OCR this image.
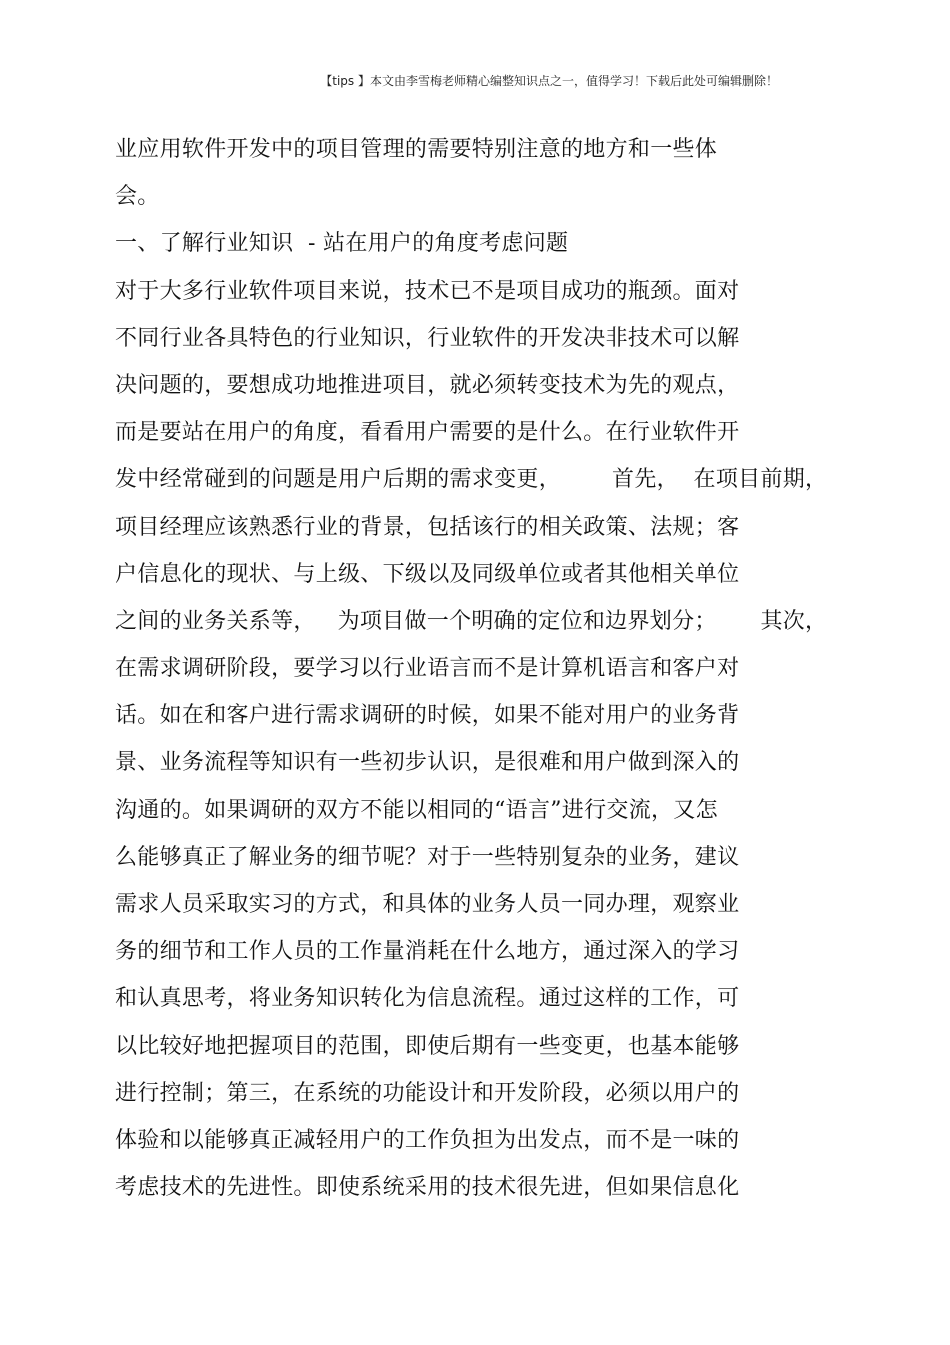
【tips 】本文由李雪梅老师精心编整知识点之一，值得学习！下载后此处可编辑删除！
业应用软件开发中的项目管理的需要特别注意的地方和一些体
会。
一、了解行业知识  - 站在用户的角度考虑问题
对于大多行业软件项目来说，技术已不是项目成功的瓶颈。面对
不同行业各具特色的行业知识，行业软件的开发决非技术可以解
决问题的，要想成功地推进项目，就必须转变技术为先的观点，
而是要站在用户的角度，看看用户需要的是什么。在行业软件开
发中经常碰到的问题是用户后期的需求变更，       首先，  在项目前期，
项目经理应该熟悉行业的背景，包括该行的相关政策、法规；客
户信息化的现状、与上级、下级以及同级单位或者其他相关单位
之间的业务关系等，   为项目做一个明确的定位和边界划分；      其次，
在需求调研阶段，要学习以行业语言而不是计算机语言和客户对
话。如在和客户进行需求调研的时候，如果不能对用户的业务背
景、业务流程等知识有一些初步认识，是很难和用户做到深入的
沟通的。如果调研的双方不能以相同的“语言”进行交流，又怎
么能够真正了解业务的细节呢？对于一些特别复杂的业务，建议
需求人员采取实习的方式，和具体的业务人员一同办理，观察业
务的细节和工作人员的工作量消耗在什么地方，通过深入的学习
和认真思考，将业务知识转化为信息流程。通过这样的工作，可
以比较好地把握项目的范围，即使后期有一些变更，也基本能够
进行控制；第三，在系统的功能设计和开发阶段，必须以用户的
体验和以能够真正减轻用户的工作负担为出发点，而不是一味的
考虑技术的先进性。即使系统采用的技术很先进，但如果信息化
